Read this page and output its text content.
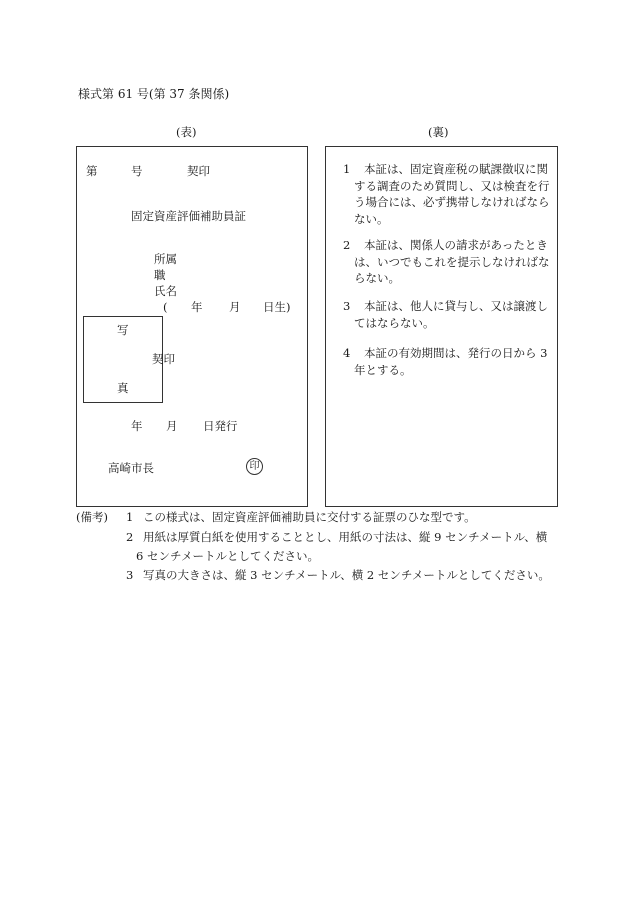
様式第 61 号(第 37 条関係)
(表)	(裏)
第	号	契印
固定資産評価補助員証
所属
職
氏名
( 年 月 日生)
写
真
契印
年 月 日発行
高崎市長	印
1	本証は、固定資産税の賦課徴収に関する調査のため質問し、又は検査を行う場合には、必ず携帯しなければならない。
2	本証は、関係人の請求があったときは、いつでもこれを提示しなければならない。
3	本証は、他人に貸与し、又は譲渡してはならない。
4	本証の有効期間は、発行の日から 3 年とする。
(備考) 1 この様式は、固定資産評価補助員に交付する証票のひな型です。
2 用紙は厚質白紙を使用することとし、用紙の寸法は、縦 9 センチメートル、横 6 センチメートルとしてください。
3 写真の大きさは、縦 3 センチメートル、横 2 センチメートルとしてください。
